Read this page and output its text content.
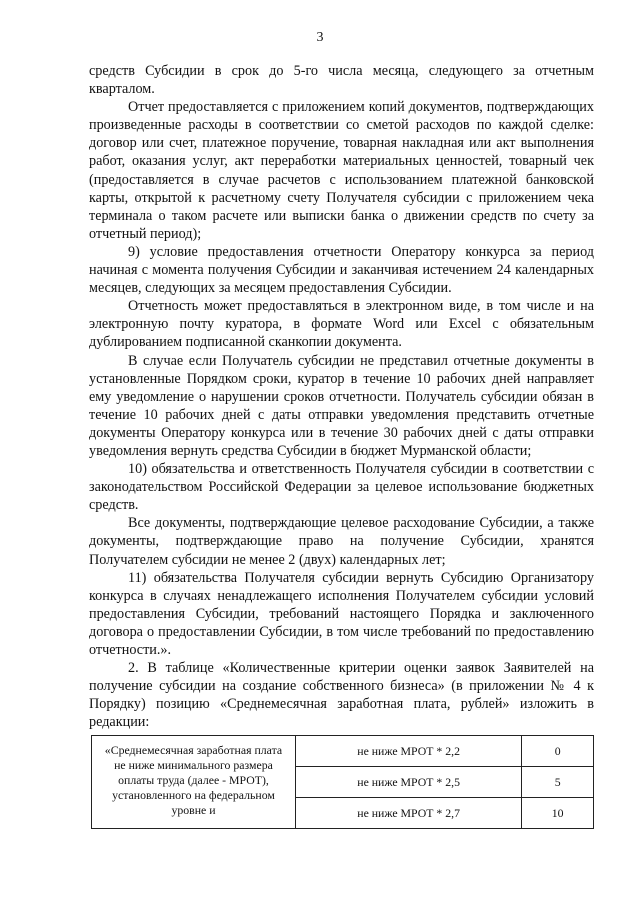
3

средств Субсидии в срок до 5-го числа месяца, следующего за отчетным кварталом.

Отчет предоставляется с приложением копий документов, подтверждающих произведенные расходы в соответствии со сметой расходов по каждой сделке: договор или счет, платежное поручение, товарная накладная или акт выполнения работ, оказания услуг, акт переработки материальных ценностей, товарный чек (предоставляется в случае расчетов с использованием платежной банковской карты, открытой к расчетному счету Получателя субсидии с приложением чека терминала о таком расчете или выписки банка о движении средств по счету за отчетный период);

9) условие предоставления отчетности Оператору конкурса за период начиная с момента получения Субсидии и заканчивая истечением 24 календарных месяцев, следующих за месяцем предоставления Субсидии.

Отчетность может предоставляться в электронном виде, в том числе и на электронную почту куратора, в формате Word или Excel с обязательным дублированием подписанной сканкопии документа.

В случае если Получатель субсидии не представил отчетные документы в установленные Порядком сроки, куратор в течение 10 рабочих дней направляет ему уведомление о нарушении сроков отчетности. Получатель субсидии обязан в течение 10 рабочих дней с даты отправки уведомления представить отчетные документы Оператору конкурса или в течение 30 рабочих дней с даты отправки уведомления вернуть средства Субсидии в бюджет Мурманской области;

10) обязательства и ответственность Получателя субсидии в соответствии с законодательством Российской Федерации за целевое использование бюджетных средств.

Все документы, подтверждающие целевое расходование Субсидии, а также документы, подтверждающие право на получение Субсидии, хранятся Получателем субсидии не менее 2 (двух) календарных лет;

11) обязательства Получателя субсидии вернуть Субсидию Организатору конкурса в случаях ненадлежащего исполнения Получателем субсидии условий предоставления Субсидии, требований настоящего Порядка и заключенного договора о предоставлении Субсидии, в том числе требований по предоставлению отчетности.».

2. В таблице «Количественные критерии оценки заявок Заявителей на получение субсидии на создание собственного бизнеса» (в приложении № 4 к Порядку) позицию «Среднемесячная заработная плата, рублей» изложить в редакции:

«Среднемесячная заработная плата не ниже минимального размера оплаты труда (далее - МРОТ), установленного на федеральном уровне и	не ниже МРОТ * 2,2	0
	не ниже МРОТ * 2,5	5
	не ниже МРОТ * 2,7	10
